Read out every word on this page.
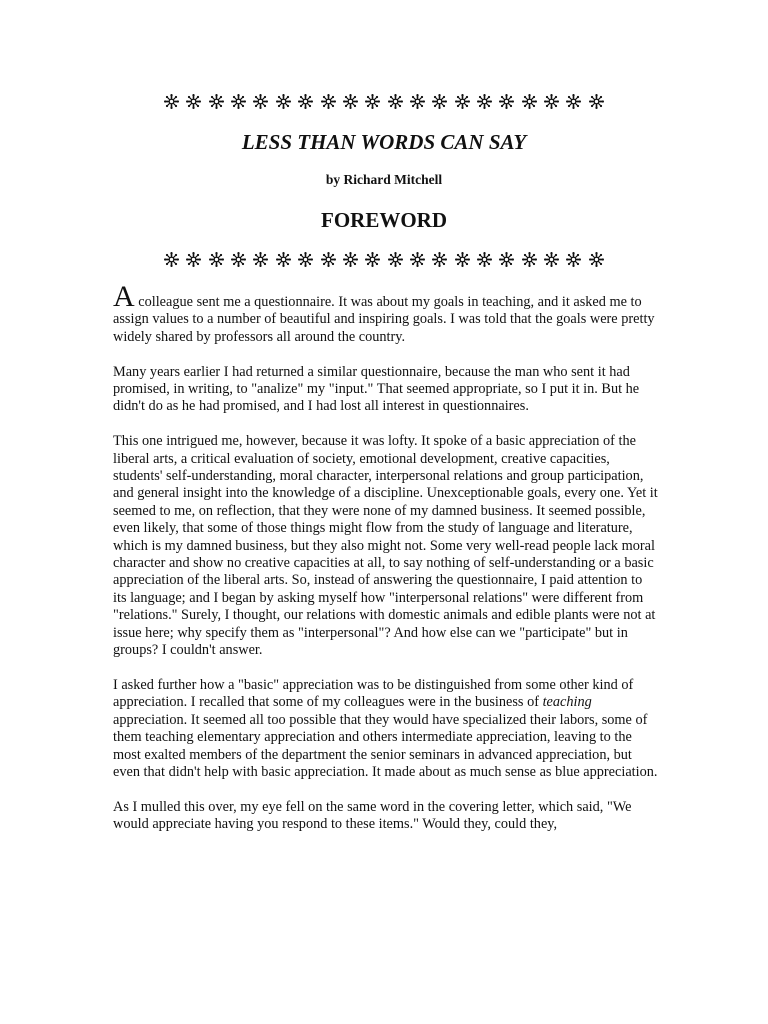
LESS THAN WORDS CAN SAY
by Richard Mitchell
FOREWORD

A colleague sent me a questionnaire. It was about my goals in teaching, and it asked me to assign values to a number of beautiful and inspiring goals. I was told that the goals were pretty widely shared by professors all around the country.

Many years earlier I had returned a similar questionnaire, because the man who sent it had promised, in writing, to "analize" my "input." That seemed appropriate, so I put it in. But he didn't do as he had promised, and I had lost all interest in questionnaires.

This one intrigued me, however, because it was lofty. It spoke of a basic appreciation of the liberal arts, a critical evaluation of society, emotional development, creative capacities, students' self-understanding, moral character, interpersonal relations and group participation, and general insight into the knowledge of a discipline. Unexceptionable goals, every one. Yet it seemed to me, on reflection, that they were none of my damned business. It seemed possible, even likely, that some of those things might flow from the study of language and literature, which is my damned business, but they also might not. Some very well-read people lack moral character and show no creative capacities at all, to say nothing of self-understanding or a basic appreciation of the liberal arts. So, instead of answering the questionnaire, I paid attention to its language; and I began by asking myself how "interpersonal relations" were different from "relations." Surely, I thought, our relations with domestic animals and edible plants were not at issue here; why specify them as "interpersonal"? And how else can we "participate" but in groups? I couldn't answer.

I asked further how a "basic" appreciation was to be distinguished from some other kind of appreciation. I recalled that some of my colleagues were in the business of teaching appreciation. It seemed all too possible that they would have specialized their labors, some of them teaching elementary appreciation and others intermediate appreciation, leaving to the most exalted members of the department the senior seminars in advanced appreciation, but even that didn't help with basic appreciation. It made about as much sense as blue appreciation.

As I mulled this over, my eye fell on the same word in the covering letter, which said, "We would appreciate having you respond to these items." Would they, could they,
